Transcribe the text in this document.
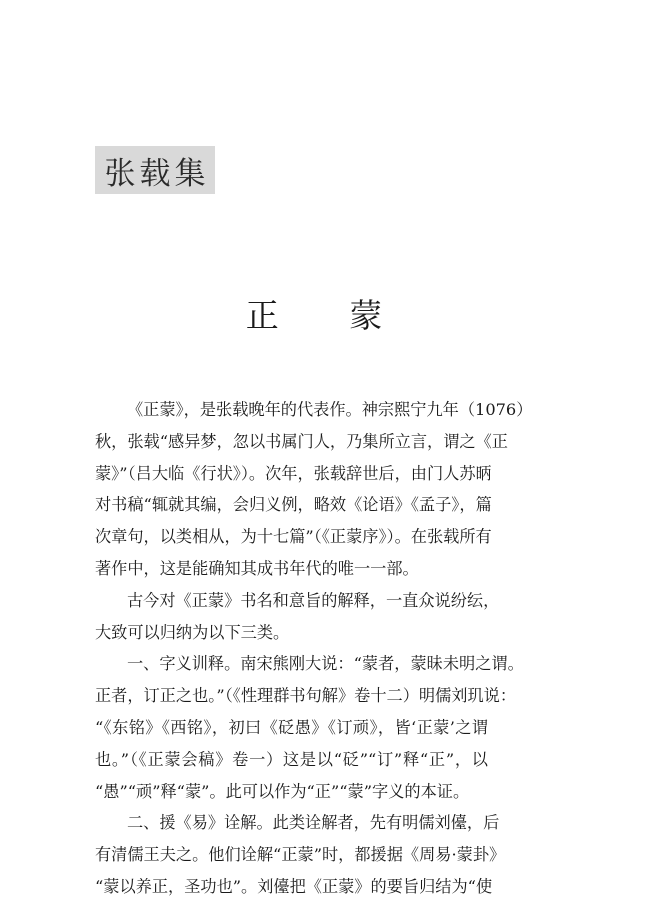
张载集
正 蒙
《正蒙》，是张载晚年的代表作。神宗熙宁九年（1076）
秋，张载“感异梦，忽以书属门人，乃集所立言，谓之《正
蒙》”（吕大临《行状》）。次年，张载辞世后，由门人苏昞
对书稿“辄就其编，会归义例，略效《论语》《孟子》，篇
次章句，以类相从，为十七篇”（《正蒙序》）。在张载所有
著作中，这是能确知其成书年代的唯一一部。
古今对《正蒙》书名和意旨的解释，一直众说纷纭，
大致可以归纳为以下三类。
一、字义训释。南宋熊刚大说：“蒙者，蒙昧未明之谓。
正者，订正之也。”（《性理群书句解》卷十二）明儒刘玑说：
“《东铭》《西铭》，初曰《砭愚》《订顽》，皆‘正蒙’之谓
也。”（《正蒙会稿》卷一）这是以“砭”“订”释“正”，以
“愚”“顽”释“蒙”。此可以作为“正”“蒙”字义的本证。
二、援《易》诠解。此类诠解者，先有明儒刘儓，后
有清儒王夫之。他们诠解“正蒙”时，都援据《周易·蒙卦》
“蒙以养正，圣功也”。刘儓把《正蒙》的要旨归结为“使
